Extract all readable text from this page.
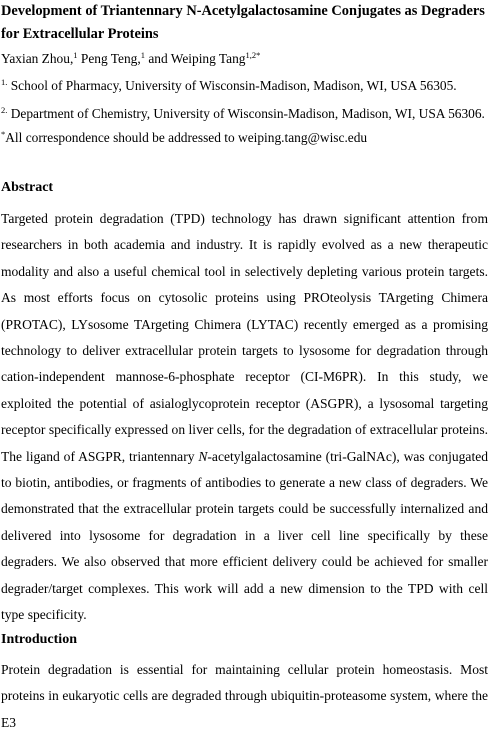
Development of Triantennary N-Acetylgalactosamine Conjugates as Degraders for Extracellular Proteins
Yaxian Zhou,$^1$ Peng Teng,$^1$ and Weiping Tang$^{1,2*}$
$^{1.}$ School of Pharmacy, University of Wisconsin-Madison, Madison, WI, USA 56305.
$^{2.}$ Department of Chemistry, University of Wisconsin-Madison, Madison, WI, USA 56306.
*All correspondence should be addressed to weiping.tang@wisc.edu
Abstract
Targeted protein degradation (TPD) technology has drawn significant attention from researchers in both academia and industry. It is rapidly evolved as a new therapeutic modality and also a useful chemical tool in selectively depleting various protein targets. As most efforts focus on cytosolic proteins using PROteolysis TArgeting Chimera (PROTAC), LYsosome TArgeting Chimera (LYTAC) recently emerged as a promising technology to deliver extracellular protein targets to lysosome for degradation through cation-independent mannose-6-phosphate receptor (CI-M6PR). In this study, we exploited the potential of asialoglycoprotein receptor (ASGPR), a lysosomal targeting receptor specifically expressed on liver cells, for the degradation of extracellular proteins. The ligand of ASGPR, triantennary N-acetylgalactosamine (tri-GalNAc), was conjugated to biotin, antibodies, or fragments of antibodies to generate a new class of degraders. We demonstrated that the extracellular protein targets could be successfully internalized and delivered into lysosome for degradation in a liver cell line specifically by these degraders. We also observed that more efficient delivery could be achieved for smaller degrader/target complexes. This work will add a new dimension to the TPD with cell type specificity.
Introduction
Protein degradation is essential for maintaining cellular protein homeostasis. Most proteins in eukaryotic cells are degraded through ubiquitin-proteasome system, where the E3
